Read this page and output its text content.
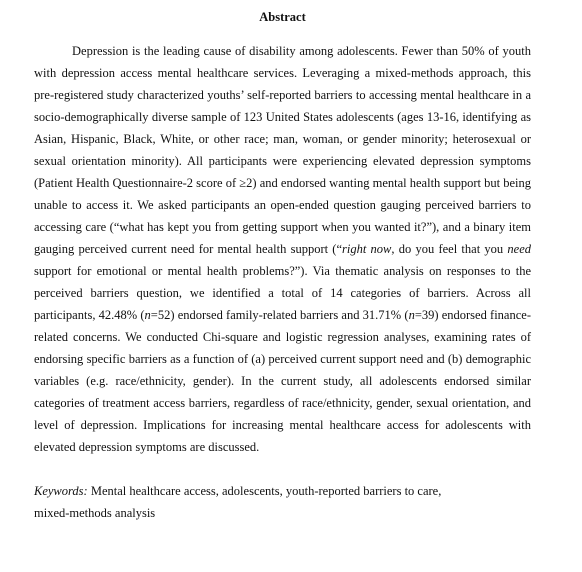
Abstract

Depression is the leading cause of disability among adolescents. Fewer than 50% of youth with depression access mental healthcare services. Leveraging a mixed-methods approach, this pre-registered study characterized youths’ self-reported barriers to accessing mental healthcare in a socio-demographically diverse sample of 123 United States adolescents (ages 13-16, identifying as Asian, Hispanic, Black, White, or other race; man, woman, or gender minority; heterosexual or sexual orientation minority). All participants were experiencing elevated depression symptoms (Patient Health Questionnaire-2 score of ≥2) and endorsed wanting mental health support but being unable to access it. We asked participants an open-ended question gauging perceived barriers to accessing care (“what has kept you from getting support when you wanted it?”), and a binary item gauging perceived current need for mental health support (“right now, do you feel that you need support for emotional or mental health problems?”). Via thematic analysis on responses to the perceived barriers question, we identified a total of 14 categories of barriers. Across all participants, 42.48% (n=52) endorsed family-related barriers and 31.71% (n=39) endorsed finance-related concerns. We conducted Chi-square and logistic regression analyses, examining rates of endorsing specific barriers as a function of (a) perceived current support need and (b) demographic variables (e.g. race/ethnicity, gender). In the current study, all adolescents endorsed similar categories of treatment access barriers, regardless of race/ethnicity, gender, sexual orientation, and level of depression. Implications for increasing mental healthcare access for adolescents with elevated depression symptoms are discussed.

Keywords: Mental healthcare access, adolescents, youth-reported barriers to care, mixed-methods analysis
